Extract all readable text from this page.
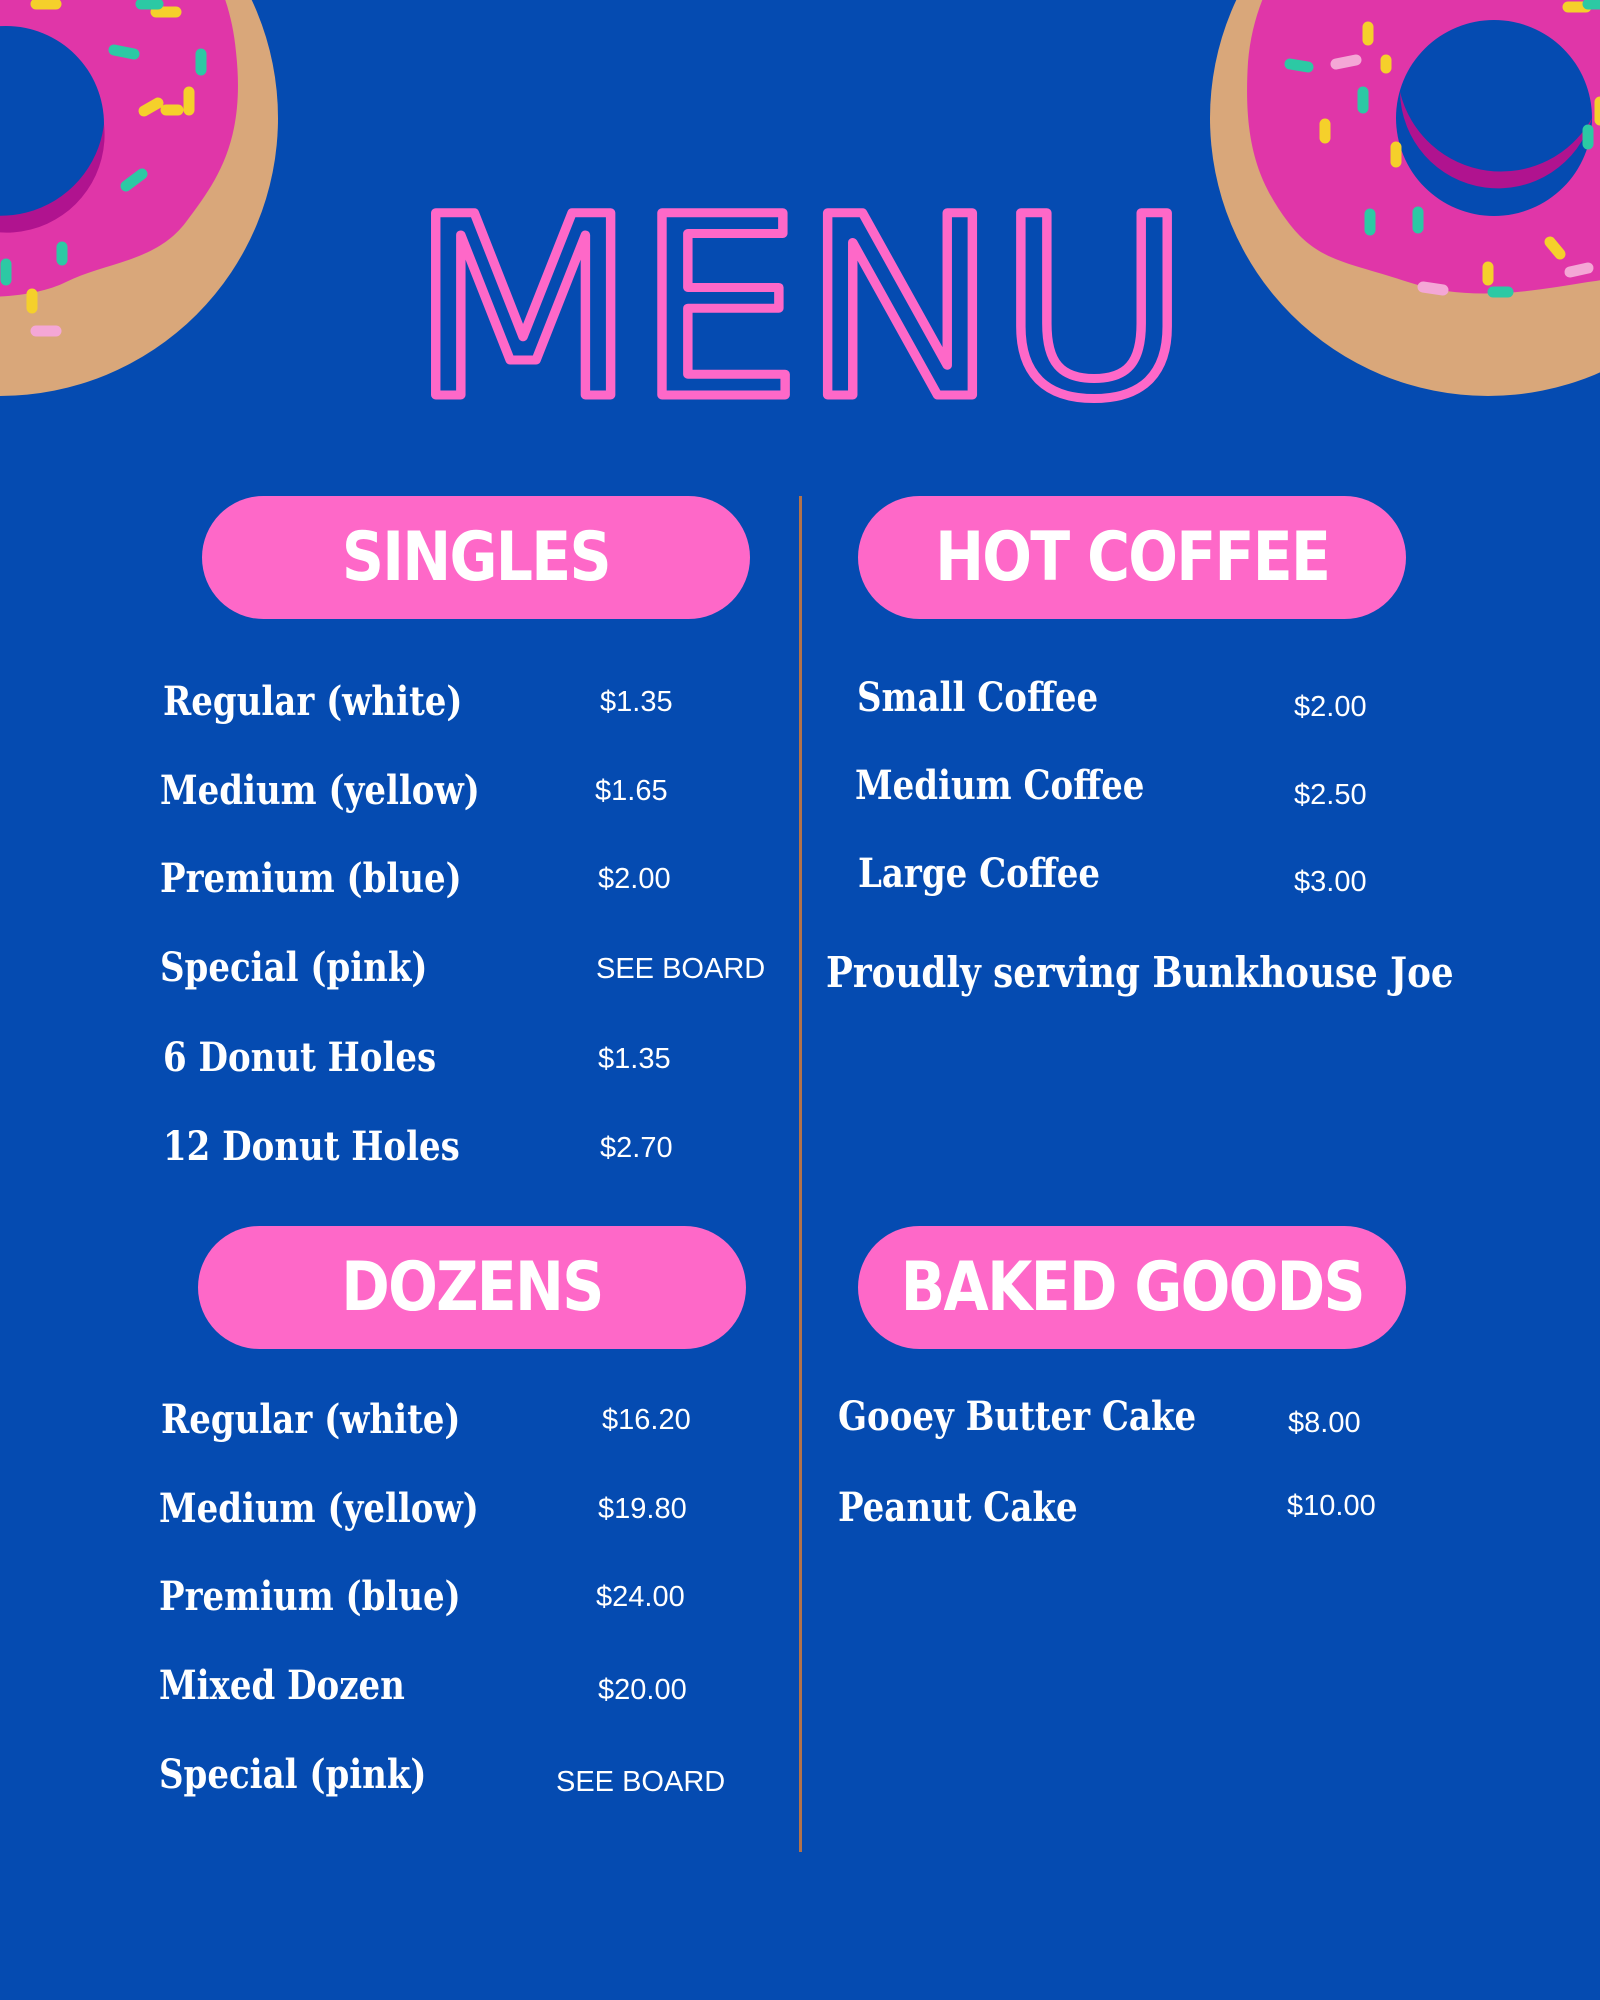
MENU
SINGLES
Regular (white)	$1.35
Medium (yellow)	$1.65
Premium (blue)	$2.00
Special (pink)	SEE BOARD
6 Donut Holes	$1.35
12 Donut Holes	$2.70
HOT COFFEE
Small Coffee	$2.00
Medium Coffee	$2.50
Large Coffee	$3.00
Proudly serving Bunkhouse Joe
DOZENS
Regular (white)	$16.20
Medium (yellow)	$19.80
Premium (blue)	$24.00
Mixed Dozen	$20.00
Special (pink)	SEE BOARD
BAKED GOODS
Gooey Butter Cake	$8.00
Peanut Cake	$10.00
